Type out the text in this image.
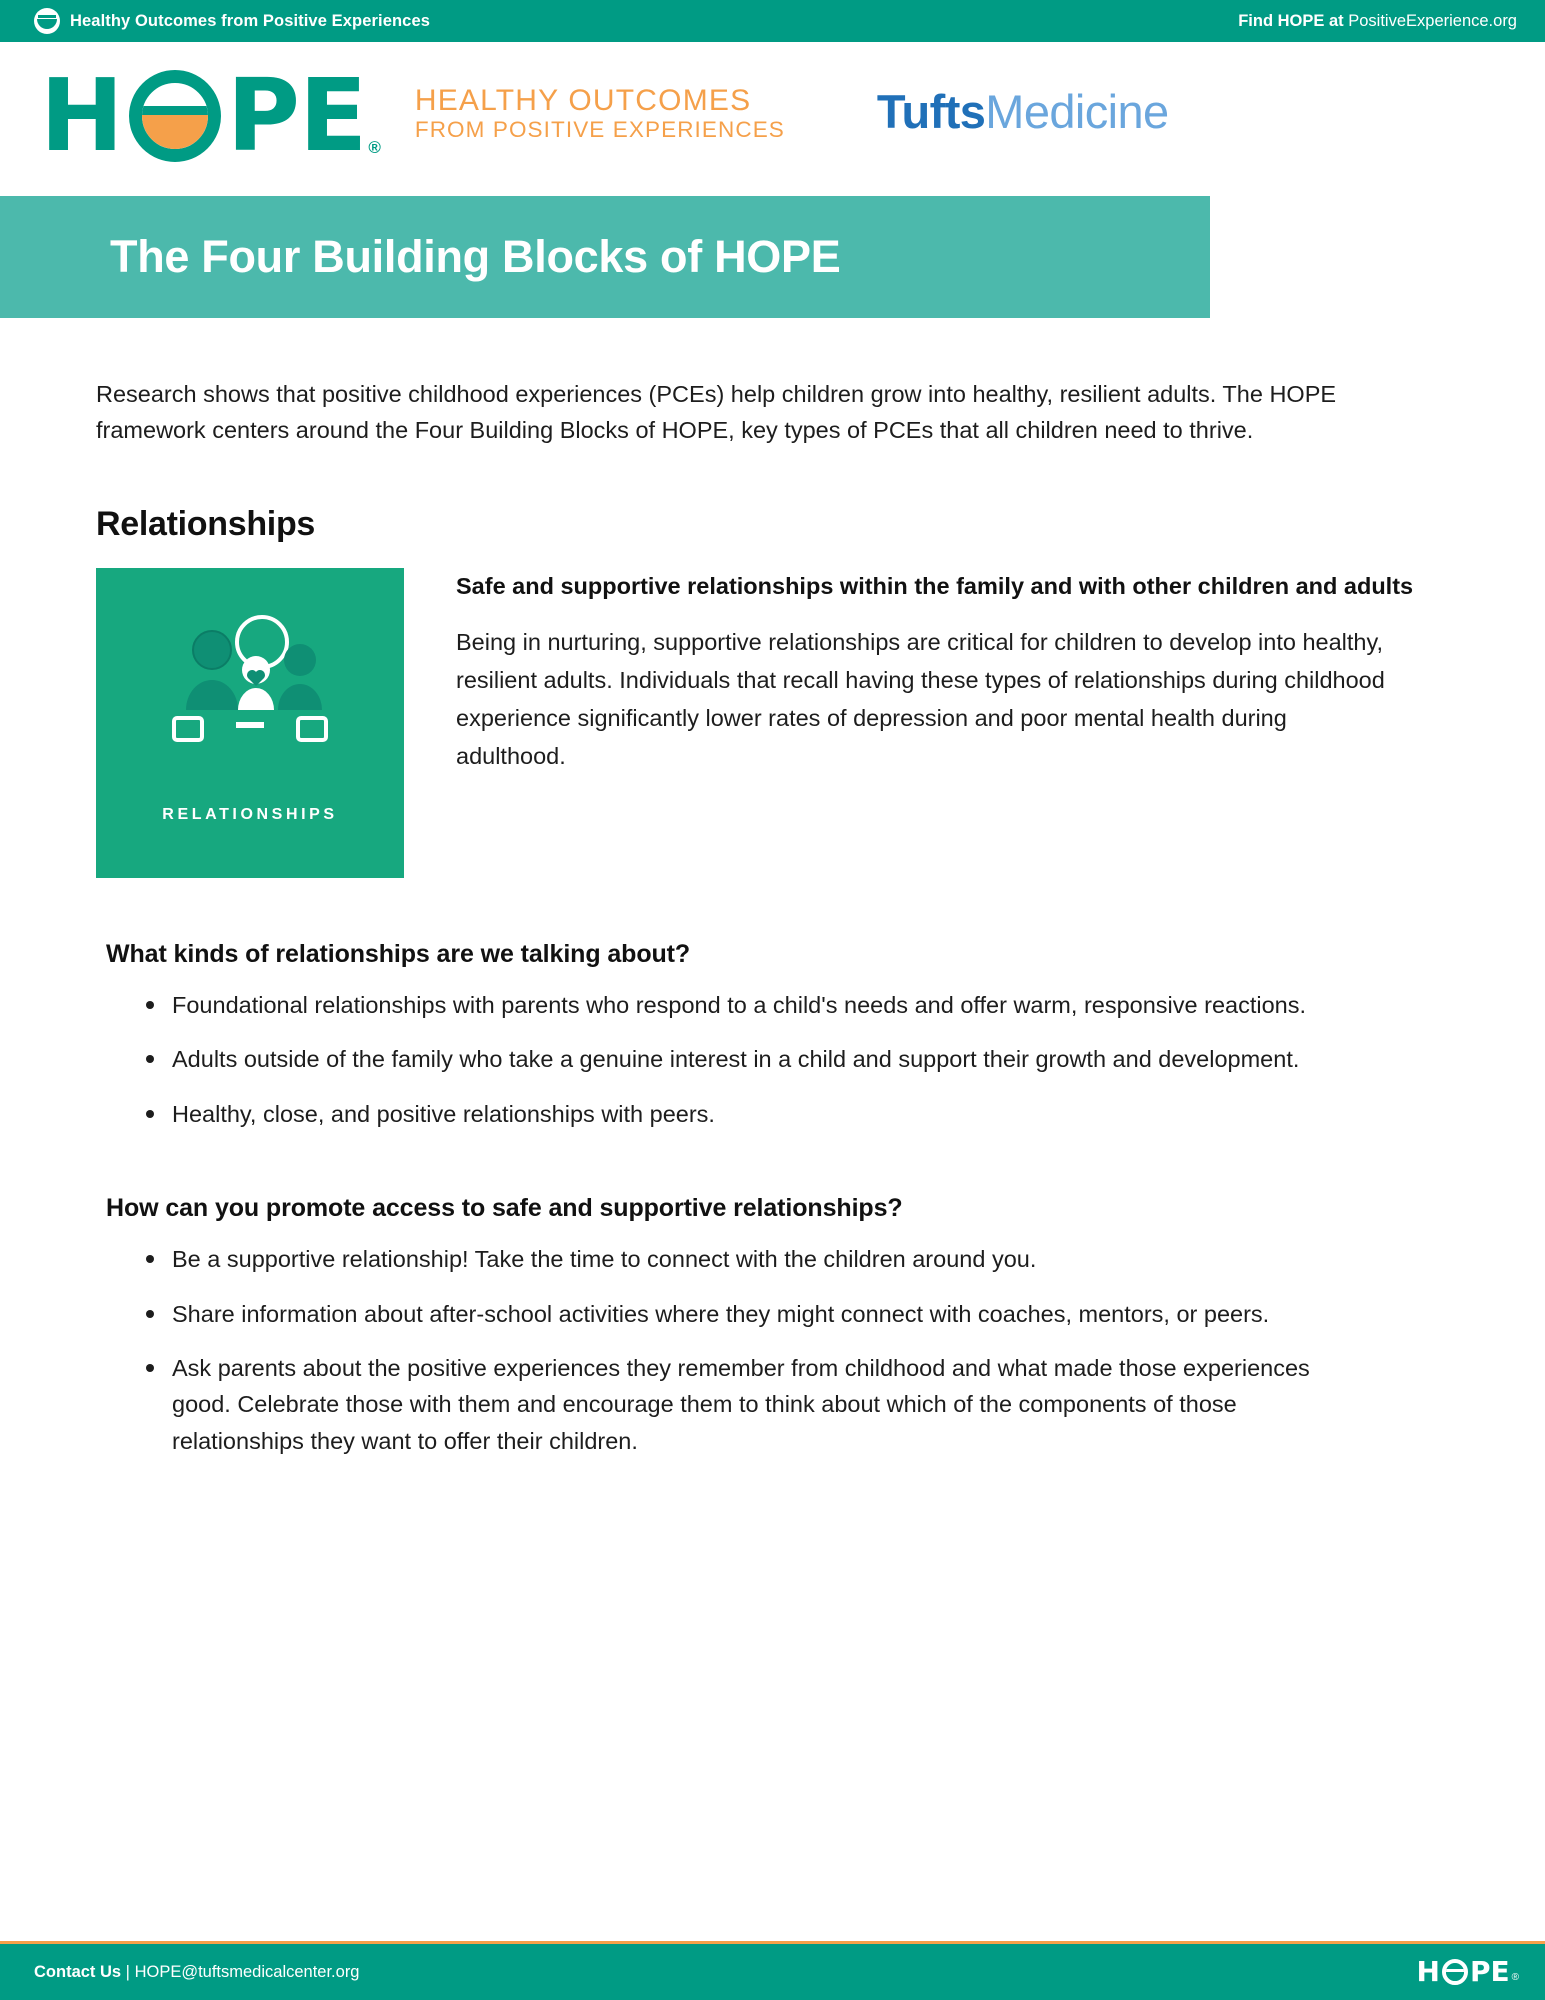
Healthy Outcomes from Positive Experiences	Find HOPE at PositiveExperience.org
H P E ®
HEALTHY OUTCOMES
FROM POSITIVE EXPERIENCES TuftsMedicine
The Four Building Blocks of HOPE

Research shows that positive childhood experiences (PCEs) help children grow into healthy, resilient adults. The HOPE framework centers around the Four Building Blocks of HOPE, key types of PCEs that all children need to thrive.

Relationships
RELATIONSHIPS

Safe and supportive relationships within the family and with other children and adults

Being in nurturing, supportive relationships are critical for children to develop into healthy, resilient adults. Individuals that recall having these types of relationships during childhood experience significantly lower rates of depression and poor mental health during adulthood.

What kinds of relationships are we talking about?
Foundational relationships with parents who respond to a child's needs and offer warm, responsive reactions.
Adults outside of the family who take a genuine interest in a child and support their growth and development.
Healthy, close, and positive relationships with peers.
How can you promote access to safe and supportive relationships?
Be a supportive relationship! Take the time to connect with the children around you.
Share information about after-school activities where they might connect with coaches, mentors, or peers.
Ask parents about the positive experiences they remember from childhood and what made those experiences good. Celebrate those with them and encourage them to think about which of the components of those relationships they want to offer their children.
Contact Us | HOPE@tuftsmedicalcenter.org	H P E ®
